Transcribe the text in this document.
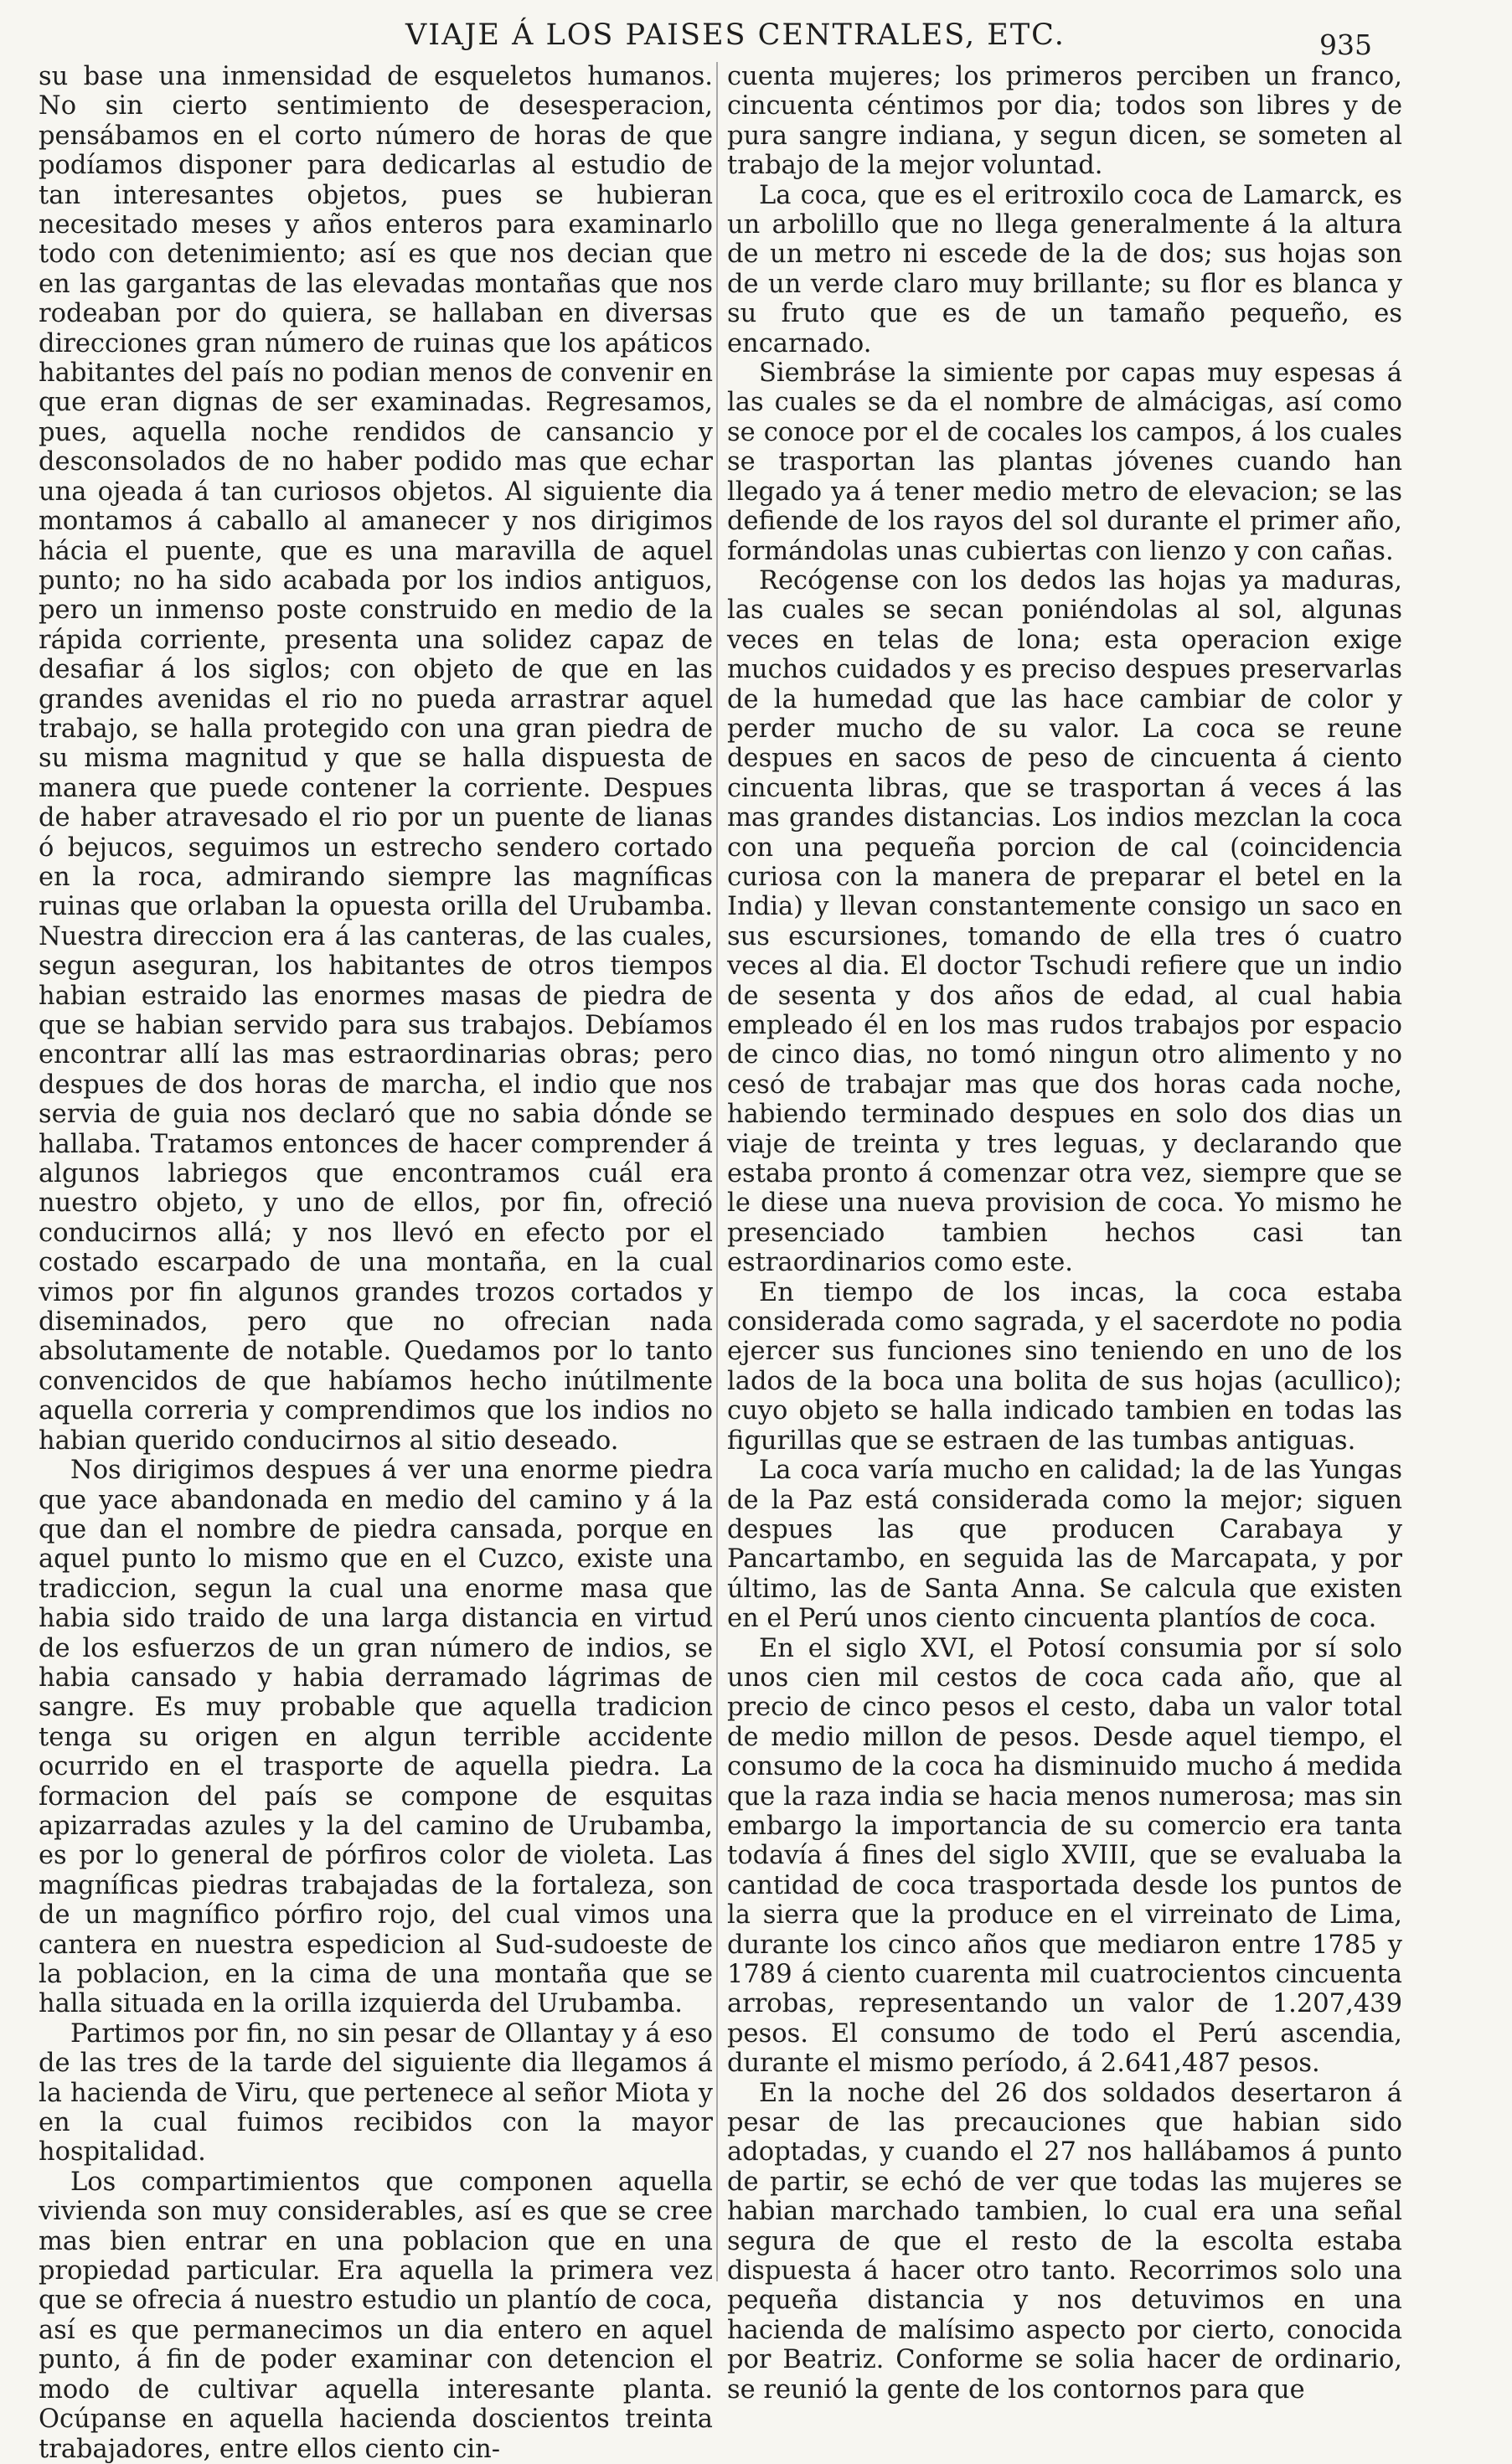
VIAJE Á LOS PAISES CENTRALES, ETC.	935

su base una inmensidad de esqueletos humanos. No sin cierto sentimiento de desesperacion, pensábamos en el corto número de horas de que podíamos disponer para dedicarlas al estudio de tan interesantes objetos, pues se hubieran necesitado meses y años enteros para examinarlo todo con detenimiento; así es que nos decian que en las gargantas de las elevadas montañas que nos rodeaban por do quiera, se hallaban en diversas direcciones gran número de ruinas que los apáticos habitantes del país no podian menos de convenir en que eran dignas de ser examinadas. Regresamos, pues, aquella noche rendidos de cansancio y desconsolados de no haber podido mas que echar una ojeada á tan curiosos objetos. Al siguiente dia montamos á caballo al amanecer y nos dirigimos hácia el puente, que es una maravilla de aquel punto; no ha sido acabada por los indios antiguos, pero un inmenso poste construido en medio de la rápida corriente, presenta una solidez capaz de desafiar á los siglos; con objeto de que en las grandes avenidas el rio no pueda arrastrar aquel trabajo, se halla protegido con una gran piedra de su misma magnitud y que se halla dispuesta de manera que puede contener la corriente. Despues de haber atravesado el rio por un puente de lianas ó bejucos, seguimos un estrecho sendero cortado en la roca, admirando siempre las magníficas ruinas que orlaban la opuesta orilla del Urubamba. Nuestra direccion era á las canteras, de las cuales, segun aseguran, los habitantes de otros tiempos habian estraido las enormes masas de piedra de que se habian servido para sus trabajos. Debíamos encontrar allí las mas estraordinarias obras; pero despues de dos horas de marcha, el indio que nos servia de guia nos declaró que no sabia dónde se hallaba. Tratamos entonces de hacer comprender á algunos labriegos que encontramos cuál era nuestro objeto, y uno de ellos, por fin, ofreció conducirnos allá; y nos llevó en efecto por el costado escarpado de una montaña, en la cual vimos por fin algunos grandes trozos cortados y diseminados, pero que no ofrecian nada absolutamente de notable. Quedamos por lo tanto convencidos de que habíamos hecho inútilmente aquella correria y comprendimos que los indios no habian querido conducirnos al sitio deseado.

Nos dirigimos despues á ver una enorme piedra que yace abandonada en medio del camino y á la que dan el nombre de piedra cansada, porque en aquel punto lo mismo que en el Cuzco, existe una tradiccion, segun la cual una enorme masa que habia sido traido de una larga distancia en virtud de los esfuerzos de un gran número de indios, se habia cansado y habia derramado lágrimas de sangre. Es muy probable que aquella tradicion tenga su origen en algun terrible accidente ocurrido en el trasporte de aquella piedra. La formacion del país se compone de esquitas apizarradas azules y la del camino de Urubamba, es por lo general de pórfiros color de violeta. Las magníficas piedras trabajadas de la fortaleza, son de un magnífico pórfiro rojo, del cual vimos una cantera en nuestra espedicion al Sud-sudoeste de la poblacion, en la cima de una montaña que se halla situada en la orilla izquierda del Urubamba.

Partimos por fin, no sin pesar de Ollantay y á eso de las tres de la tarde del siguiente dia llegamos á la hacienda de Viru, que pertenece al señor Miota y en la cual fuimos recibidos con la mayor hospitalidad.

Los compartimientos que componen aquella vivienda son muy considerables, así es que se cree mas bien entrar en una poblacion que en una propiedad particular. Era aquella la primera vez que se ofrecia á nuestro estudio un plantío de coca, así es que permanecimos un dia entero en aquel punto, á fin de poder examinar con detencion el modo de cultivar aquella interesante planta. Ocúpanse en aquella hacienda doscientos treinta trabajadores, entre ellos ciento cin-

cuenta mujeres; los primeros perciben un franco, cincuenta céntimos por dia; todos son libres y de pura sangre indiana, y segun dicen, se someten al trabajo de la mejor voluntad.

La coca, que es el eritroxilo coca de Lamarck, es un arbolillo que no llega generalmente á la altura de un metro ni escede de la de dos; sus hojas son de un verde claro muy brillante; su flor es blanca y su fruto que es de un tamaño pequeño, es encarnado.

Siembráse la simiente por capas muy espesas á las cuales se da el nombre de almácigas, así como se conoce por el de cocales los campos, á los cuales se trasportan las plantas jóvenes cuando han llegado ya á tener medio metro de elevacion; se las defiende de los rayos del sol durante el primer año, formándolas unas cubiertas con lienzo y con cañas.

Recógense con los dedos las hojas ya maduras, las cuales se secan poniéndolas al sol, algunas veces en telas de lona; esta operacion exige muchos cuidados y es preciso despues preservarlas de la humedad que las hace cambiar de color y perder mucho de su valor. La coca se reune despues en sacos de peso de cincuenta á ciento cincuenta libras, que se trasportan á veces á las mas grandes distancias. Los indios mezclan la coca con una pequeña porcion de cal (coincidencia curiosa con la manera de preparar el betel en la India) y llevan constantemente consigo un saco en sus escursiones, tomando de ella tres ó cuatro veces al dia. El doctor Tschudi refiere que un indio de sesenta y dos años de edad, al cual habia empleado él en los mas rudos trabajos por espacio de cinco dias, no tomó ningun otro alimento y no cesó de trabajar mas que dos horas cada noche, habiendo terminado despues en solo dos dias un viaje de treinta y tres leguas, y declarando que estaba pronto á comenzar otra vez, siempre que se le diese una nueva provision de coca. Yo mismo he presenciado tambien hechos casi tan estraordinarios como este.

En tiempo de los incas, la coca estaba considerada como sagrada, y el sacerdote no podia ejercer sus funciones sino teniendo en uno de los lados de la boca una bolita de sus hojas (acullico); cuyo objeto se halla indicado tambien en todas las figurillas que se estraen de las tumbas antiguas.

La coca varía mucho en calidad; la de las Yungas de la Paz está considerada como la mejor; siguen despues las que producen Carabaya y Pancartambo, en seguida las de Marcapata, y por último, las de Santa Anna. Se calcula que existen en el Perú unos ciento cincuenta plantíos de coca.

En el siglo XVI, el Potosí consumia por sí solo unos cien mil cestos de coca cada año, que al precio de cinco pesos el cesto, daba un valor total de medio millon de pesos. Desde aquel tiempo, el consumo de la coca ha disminuido mucho á medida que la raza india se hacia menos numerosa; mas sin embargo la importancia de su comercio era tanta todavía á fines del siglo XVIII, que se evaluaba la cantidad de coca trasportada desde los puntos de la sierra que la produce en el virreinato de Lima, durante los cinco años que mediaron entre 1785 y 1789 á ciento cuarenta mil cuatrocientos cincuenta arrobas, representando un valor de 1.207,439 pesos. El consumo de todo el Perú ascendia, durante el mismo período, á 2.641,487 pesos.

En la noche del 26 dos soldados desertaron á pesar de las precauciones que habian sido adoptadas, y cuando el 27 nos hallábamos á punto de partir, se echó de ver que todas las mujeres se habian marchado tambien, lo cual era una señal segura de que el resto de la escolta estaba dispuesta á hacer otro tanto. Recorrimos solo una pequeña distancia y nos detuvimos en una hacienda de malísimo aspecto por cierto, conocida por Beatriz. Conforme se solia hacer de ordinario, se reunió la gente de los contornos para que
